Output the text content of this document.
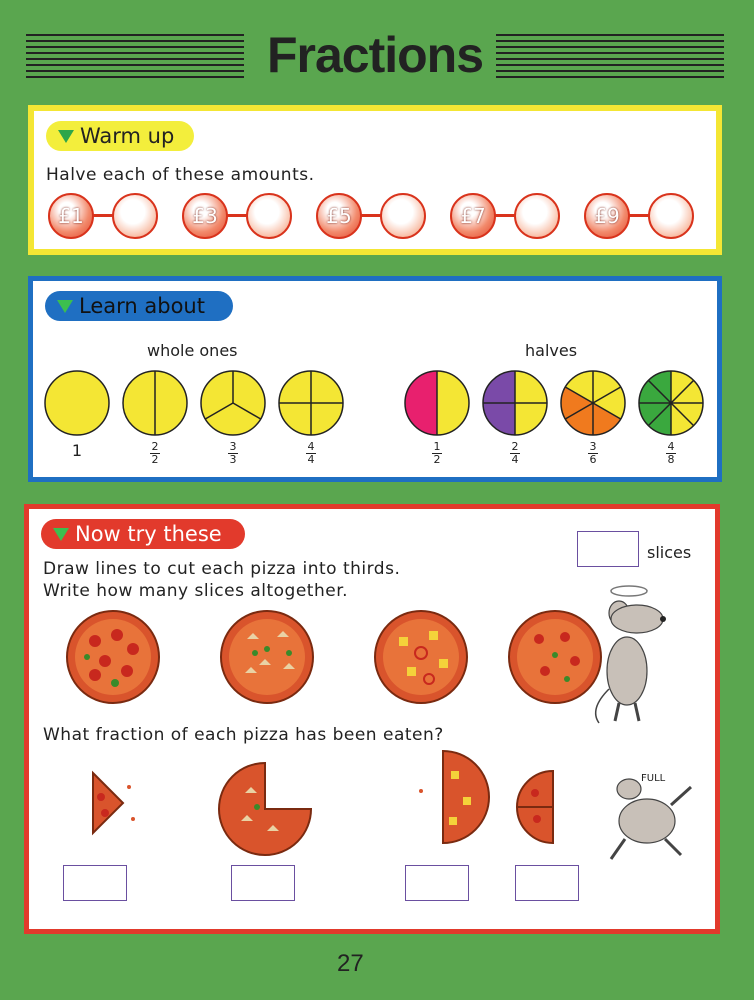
Fractions
Warm up
Halve each of these amounts.
£1	£3	£5	£7	£9
Learn about
whole ones	halves
1	$\frac{2}{2} \frac{3}{3} \frac{4}{4}$	$\frac{1}{2} \frac{2}{4} \frac{3}{6} \frac{4}{8}$
Now try these
slices
Draw lines to cut each pizza into thirds.
Write how many slices altogether.
What fraction of each pizza has been eaten?
FULL
27
